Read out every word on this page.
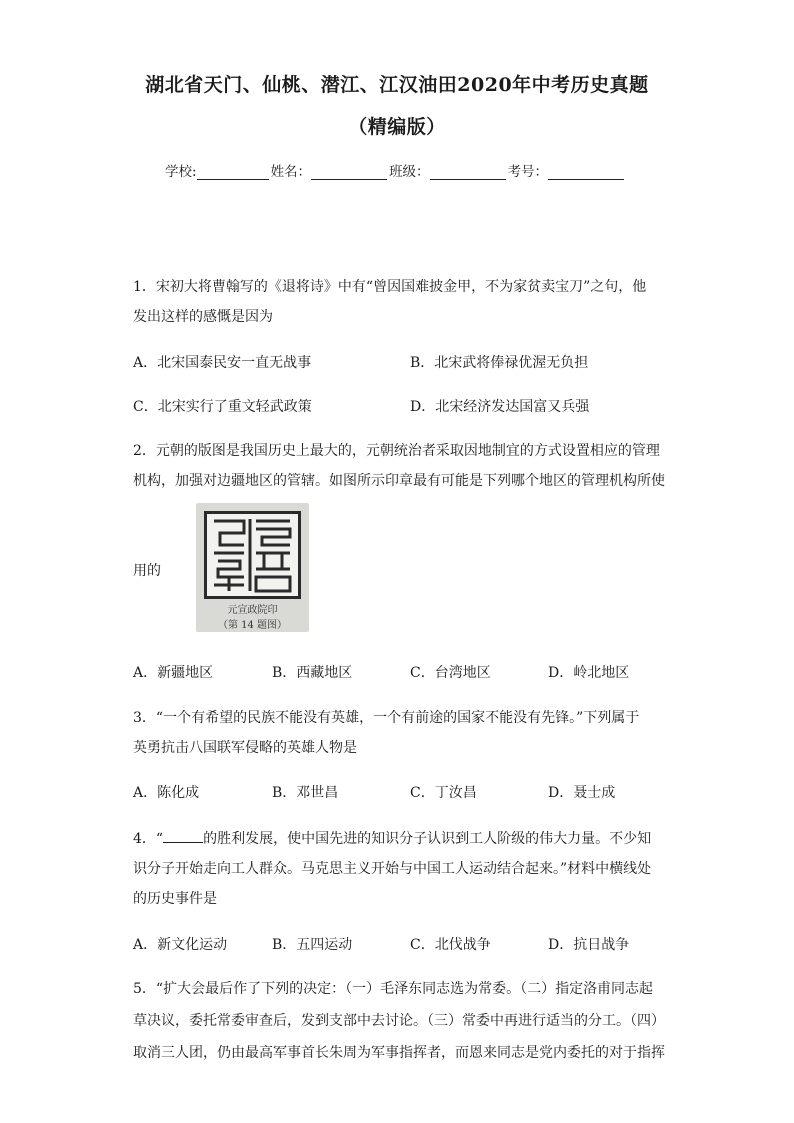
湖北省天门、仙桃、潜江、江汉油田2020年中考历史真题
（精编版）
学校:	姓名：	班级：	考号：
1．宋初大将曹翰写的《退将诗》中有“曾因国难披金甲，不为家贫卖宝刀”之句，他
发出这样的感慨是因为
A．北宋国泰民安一直无战事	B．北宋武将俸禄优渥无负担
C．北宋实行了重文轻武政策	D．北宋经济发达国富又兵强
2．元朝的版图是我国历史上最大的，元朝统治者采取因地制宜的方式设置相应的管理
机构，加强对边疆地区的管辖。如图所示印章最有可能是下列哪个地区的管理机构所使
用的
元宣政院印
（第 14 题图）
A．新疆地区	B．西藏地区	C．台湾地区	D．岭北地区
3．“一个有希望的民族不能没有英雄，一个有前途的国家不能没有先锋。”下列属于
英勇抗击八国联军侵略的英雄人物是
A．陈化成	B．邓世昌	C．丁汝昌	D．聂士成
4．“	的胜利发展，使中国先进的知识分子认识到工人阶级的伟大力量。不少知
识分子开始走向工人群众。马克思主义开始与中国工人运动结合起来。”材料中横线处
的历史事件是
A．新文化运动	B．五四运动	C．北伐战争	D．抗日战争
5．“扩大会最后作了下列的决定：（一）毛泽东同志选为常委。（二）指定洛甫同志起
草决议，委托常委审查后，发到支部中去讨论。（三）常委中再进行适当的分工。（四）
取消三人团，仍由最高军事首长朱周为军事指挥者，而恩来同志是党内委托的对于指挥
